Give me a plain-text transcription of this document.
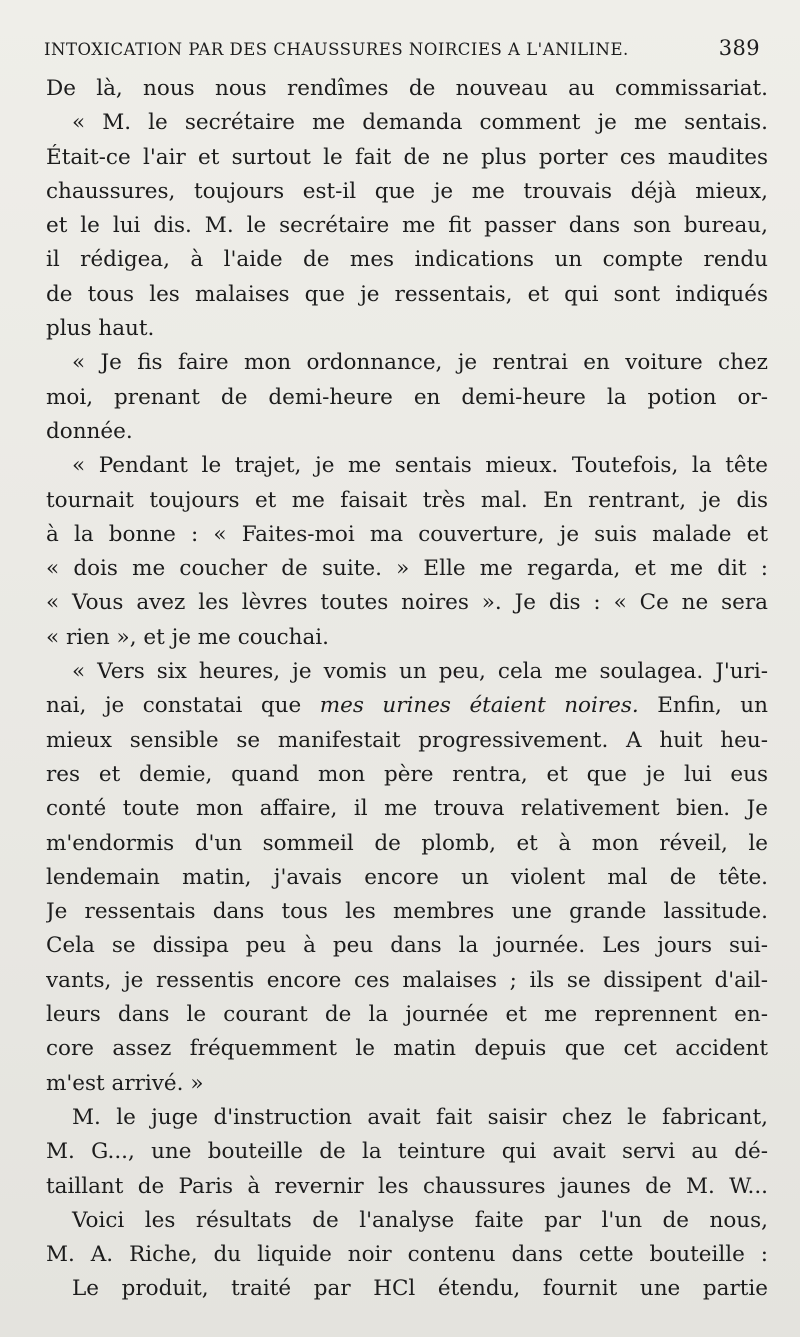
INTOXICATION PAR DES CHAUSSURES NOIRCIES A L'ANILINE.	389
De là, nous nous rendîmes de nouveau au commissariat.
« M. le secrétaire me demanda comment je me sentais.
Était-ce l'air et surtout le fait de ne plus porter ces maudites
chaussures, toujours est-il que je me trouvais déjà mieux,
et le lui dis. M. le secrétaire me fit passer dans son bureau,
il rédigea, à l'aide de mes indications un compte rendu
de tous les malaises que je ressentais, et qui sont indiqués
plus haut.
« Je fis faire mon ordonnance, je rentrai en voiture chez
moi, prenant de demi-heure en demi-heure la potion or-
donnée.
« Pendant le trajet, je me sentais mieux. Toutefois, la tête
tournait toujours et me faisait très mal. En rentrant, je dis
à la bonne : « Faites-moi ma couverture, je suis malade et
« dois me coucher de suite. » Elle me regarda, et me dit :
« Vous avez les lèvres toutes noires ». Je dis : « Ce ne sera
« rien », et je me couchai.
« Vers six heures, je vomis un peu, cela me soulagea. J'uri-
nai, je constatai que mes urines étaient noires. Enfin, un
mieux sensible se manifestait progressivement. A huit heu-
res et demie, quand mon père rentra, et que je lui eus
conté toute mon affaire, il me trouva relativement bien. Je
m'endormis d'un sommeil de plomb, et à mon réveil, le
lendemain matin, j'avais encore un violent mal de tête.
Je ressentais dans tous les membres une grande lassitude.
Cela se dissipa peu à peu dans la journée. Les jours sui-
vants, je ressentis encore ces malaises ; ils se dissipent d'ail-
leurs dans le courant de la journée et me reprennent en-
core assez fréquemment le matin depuis que cet accident
m'est arrivé. »
M. le juge d'instruction avait fait saisir chez le fabricant,
M. G..., une bouteille de la teinture qui avait servi au dé-
taillant de Paris à revernir les chaussures jaunes de M. W...
Voici les résultats de l'analyse faite par l'un de nous,
M. A. Riche, du liquide noir contenu dans cette bouteille :
Le produit, traité par HCl étendu, fournit une partie
